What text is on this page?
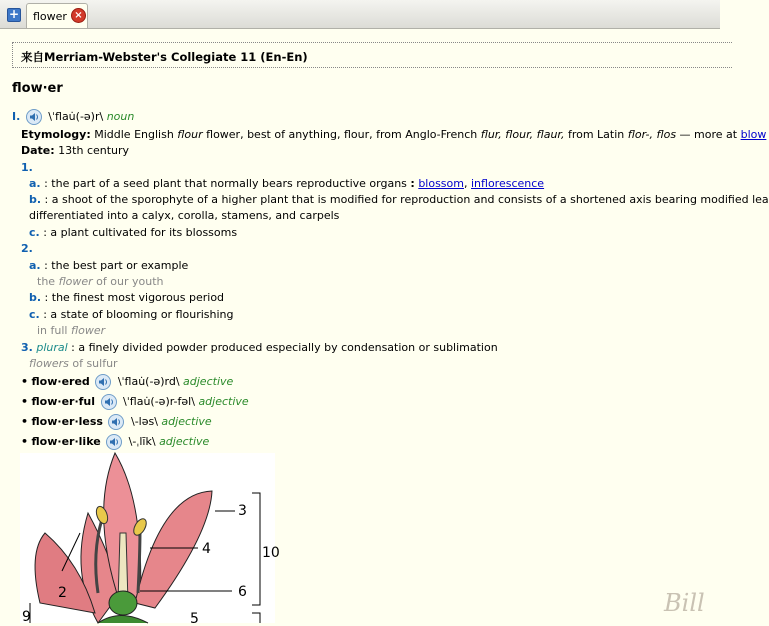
+ flower ×
来自Merriam-Webster's Collegiate 11 (En-En)
flow·er
I.	\ˈflau̇(-ə)r\ noun
Etymology: Middle English flour flower, best of anything, flour, from Anglo-French flur, flour, flaur, from Latin flor-, flos — more at blow
Date: 13th century
1.
a. : the part of a seed plant that normally bears reproductive organs : blossom, inflorescence
b. : a shoot of the sporophyte of a higher plant that is modified for reproduction and consists of a shortened axis bearing modified lea
differentiated into a calyx, corolla, stamens, and carpels
c. : a plant cultivated for its blossoms
2.
a. : the best part or example
the flower of our youth
b. : the finest most vigorous period
c. : a state of blooming or flourishing
in full flower
3. plural : a finely divided powder produced especially by condensation or sublimation
flowers of sulfur
• flow·ered	\ˈflau̇(-ə)rd\ adjective
• flow·er·ful	\ˈflau̇(-ə)r-fəl\ adjective
• flow·er·less	\-ləs\ adjective
• flow·er·like	\-ˌlīk\ adjective
3
4	10
2	6
9	5
Bill
